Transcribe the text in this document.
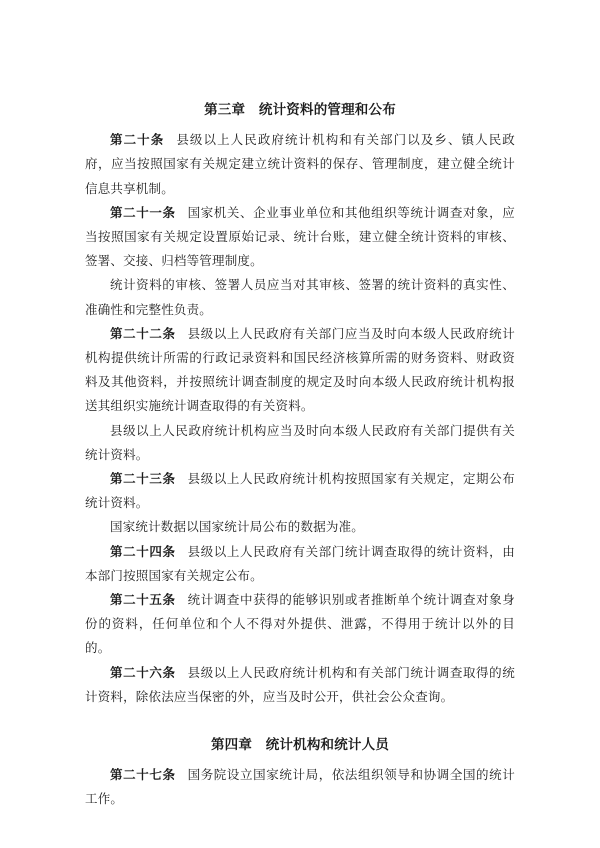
第三章　统计资料的管理和公布

第二十条 县级以上人民政府统计机构和有关部门以及乡、镇人民政府，应当按照国家有关规定建立统计资料的保存、管理制度，建立健全统计信息共享机制。

第二十一条 国家机关、企业事业单位和其他组织等统计调查对象，应当按照国家有关规定设置原始记录、统计台账，建立健全统计资料的审核、签署、交接、归档等管理制度。

统计资料的审核、签署人员应当对其审核、签署的统计资料的真实性、准确性和完整性负责。

第二十二条 县级以上人民政府有关部门应当及时向本级人民政府统计机构提供统计所需的行政记录资料和国民经济核算所需的财务资料、财政资料及其他资料，并按照统计调查制度的规定及时向本级人民政府统计机构报送其组织实施统计调查取得的有关资料。

县级以上人民政府统计机构应当及时向本级人民政府有关部门提供有关统计资料。

第二十三条 县级以上人民政府统计机构按照国家有关规定，定期公布统计资料。

国家统计数据以国家统计局公布的数据为准。

第二十四条 县级以上人民政府有关部门统计调查取得的统计资料，由本部门按照国家有关规定公布。

第二十五条 统计调查中获得的能够识别或者推断单个统计调查对象身份的资料，任何单位和个人不得对外提供、泄露，不得用于统计以外的目的。

第二十六条 县级以上人民政府统计机构和有关部门统计调查取得的统计资料，除依法应当保密的外，应当及时公开，供社会公众查询。

第四章　统计机构和统计人员

第二十七条 国务院设立国家统计局，依法组织领导和协调全国的统计工作。
